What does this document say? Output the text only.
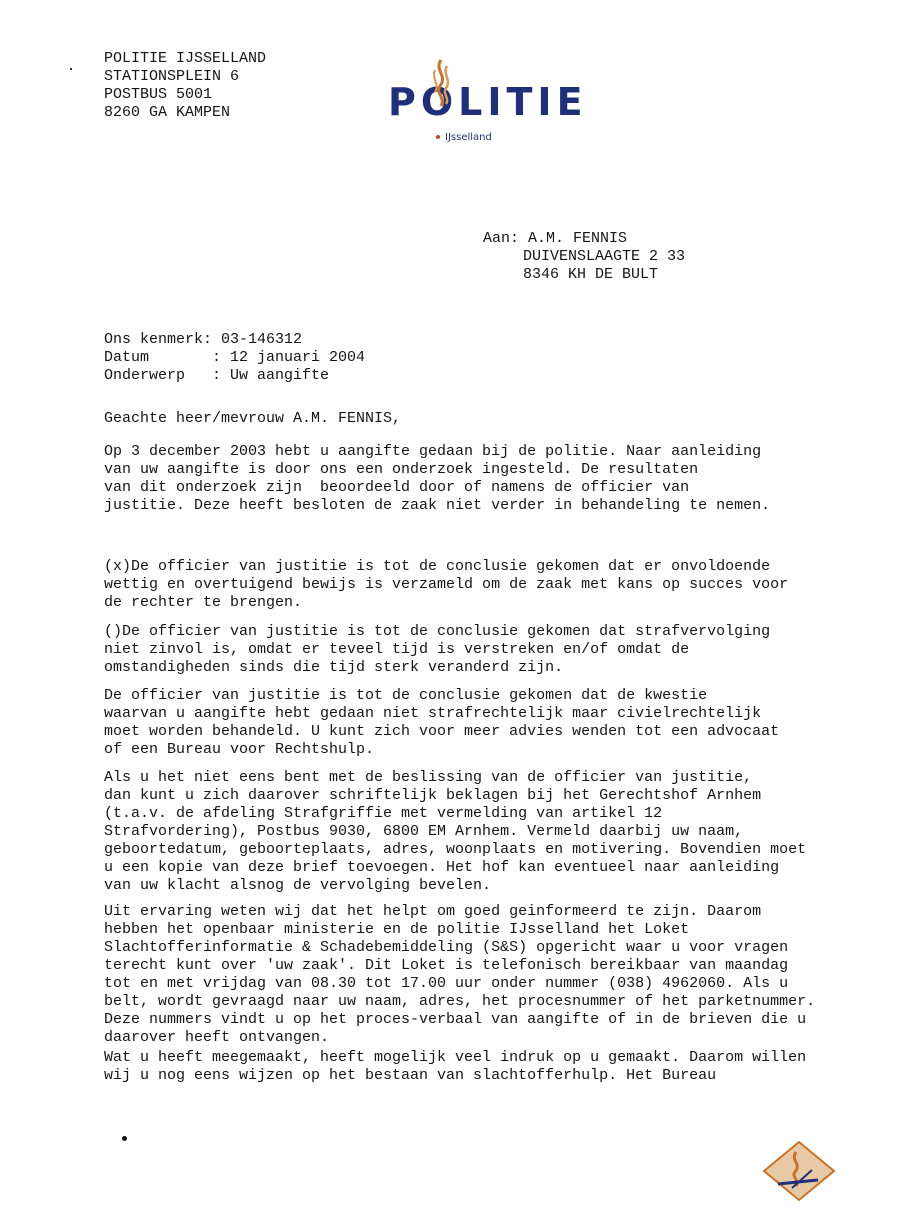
POLITIE IJSSELLAND
STATIONSPLEIN 6
POSTBUS 5001
8260 GA KAMPEN	POLITIE
IJsselland
Aan: A.M. FENNIS
DUIVENSLAAGTE 2 33
8346 KH DE BULT
Ons kenmerk: 03-146312
Datum       : 12 januari 2004
Onderwerp   : Uw aangifte
Geachte heer/mevrouw A.M. FENNIS,
Op 3 december 2003 hebt u aangifte gedaan bij de politie. Naar aanleiding
van uw aangifte is door ons een onderzoek ingesteld. De resultaten
van dit onderzoek zijn  beoordeeld door of namens de officier van
justitie. Deze heeft besloten de zaak niet verder in behandeling te nemen.
(x)De officier van justitie is tot de conclusie gekomen dat er onvoldoende
wettig en overtuigend bewijs is verzameld om de zaak met kans op succes voor
de rechter te brengen.
()De officier van justitie is tot de conclusie gekomen dat strafvervolging
niet zinvol is, omdat er teveel tijd is verstreken en/of omdat de
omstandigheden sinds die tijd sterk veranderd zijn.
De officier van justitie is tot de conclusie gekomen dat de kwestie
waarvan u aangifte hebt gedaan niet strafrechtelijk maar civielrechtelijk
moet worden behandeld. U kunt zich voor meer advies wenden tot een advocaat
of een Bureau voor Rechtshulp.
Als u het niet eens bent met de beslissing van de officier van justitie,
dan kunt u zich daarover schriftelijk beklagen bij het Gerechtshof Arnhem
(t.a.v. de afdeling Strafgriffie met vermelding van artikel 12
Strafvordering), Postbus 9030, 6800 EM Arnhem. Vermeld daarbij uw naam,
geboortedatum, geboorteplaats, adres, woonplaats en motivering. Bovendien moet
u een kopie van deze brief toevoegen. Het hof kan eventueel naar aanleiding
van uw klacht alsnog de vervolging bevelen.
Uit ervaring weten wij dat het helpt om goed geinformeerd te zijn. Daarom
hebben het openbaar ministerie en de politie IJsselland het Loket
Slachtofferinformatie & Schadebemiddeling (S&S) opgericht waar u voor vragen
terecht kunt over 'uw zaak'. Dit Loket is telefonisch bereikbaar van maandag
tot en met vrijdag van 08.30 tot 17.00 uur onder nummer (038) 4962060. Als u
belt, wordt gevraagd naar uw naam, adres, het procesnummer of het parketnummer.
Deze nummers vindt u op het proces-verbaal van aangifte of in de brieven die u
daarover heeft ontvangen.
Wat u heeft meegemaakt, heeft mogelijk veel indruk op u gemaakt. Daarom willen
wij u nog eens wijzen op het bestaan van slachtofferhulp. Het Bureau
